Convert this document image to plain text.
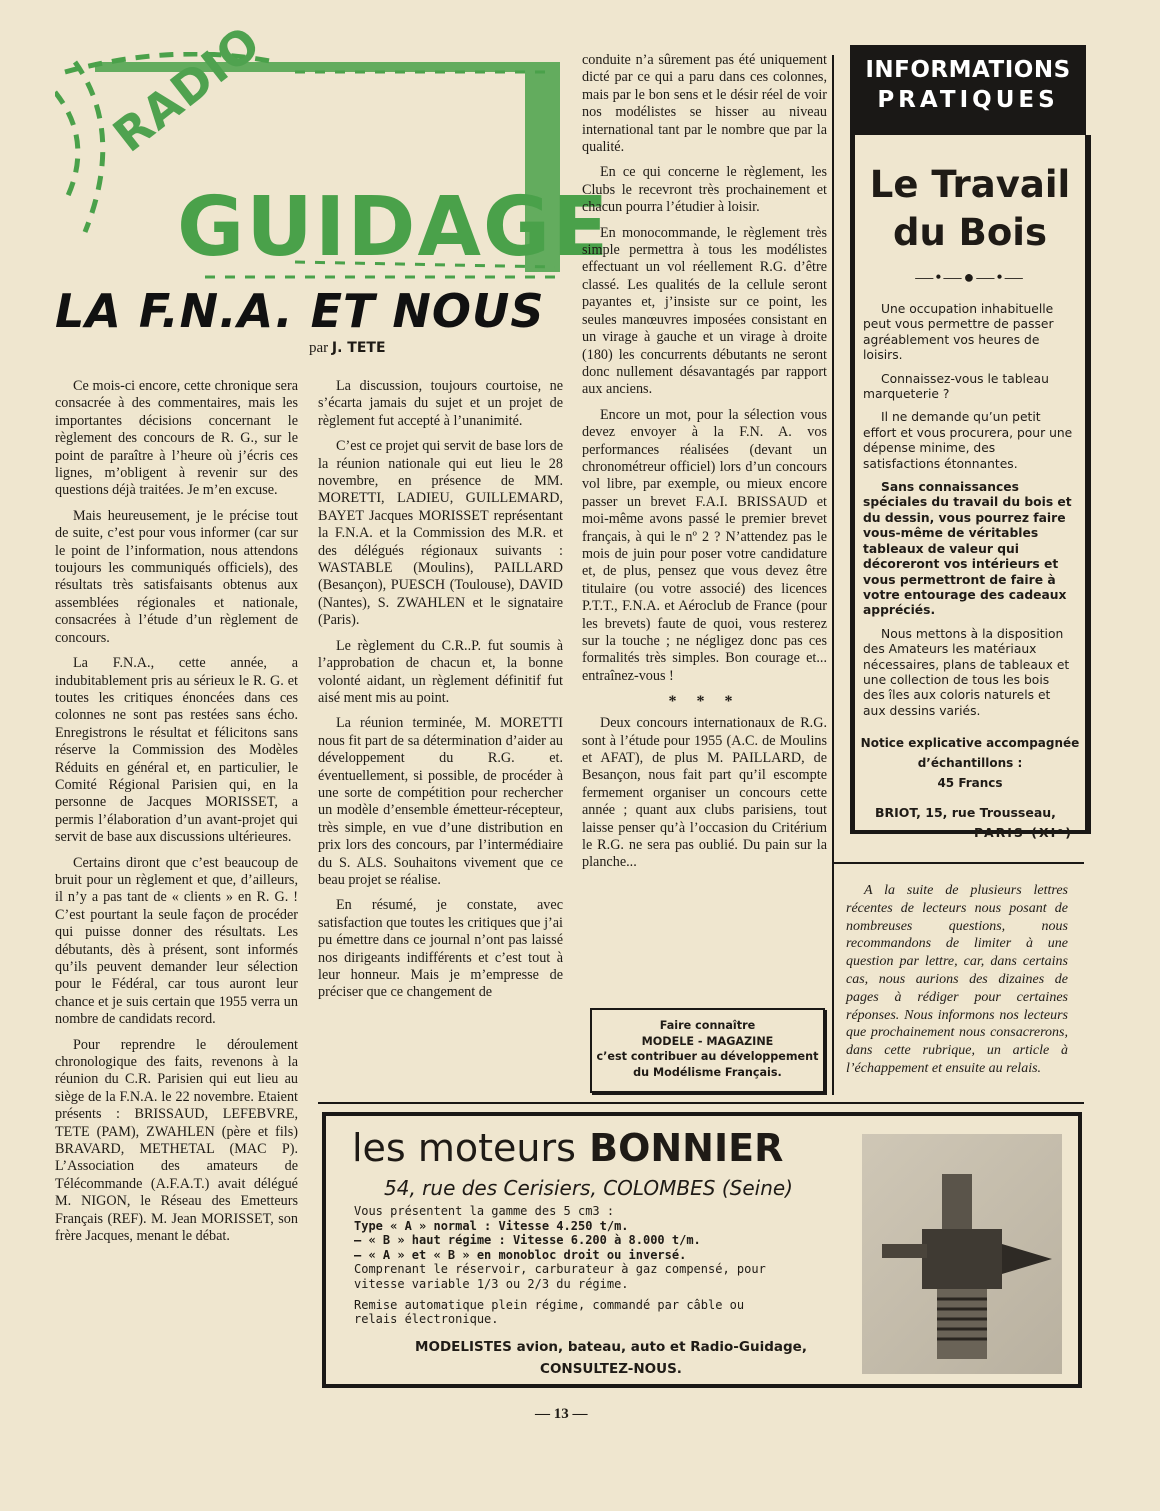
RADIO
GUIDAGE
LA F.N.A. ET NOUS
par J. TETE

Ce mois-ci encore, cette chronique sera consacrée à des commentaires, mais les importantes décisions concernant le règlement des concours de R. G., sur le point de paraître à l’heure où j’écris ces lignes, m’obligent à revenir sur des questions déjà traitées. Je m’en excuse.

Mais heureusement, je le précise tout de suite, c’est pour vous informer (car sur le point de l’information, nous attendons toujours les communiqués officiels), des résultats très satisfaisants obtenus aux assemblées régionales et nationale, consacrées à l’étude d’un règlement de concours.

La F.N.A., cette année, a indubitablement pris au sérieux le R. G. et toutes les critiques énoncées dans ces colonnes ne sont pas restées sans écho. Enregistrons le résultat et félicitons sans réserve la Commission des Modèles Réduits en général et, en particulier, le Comité Régional Parisien qui, en la personne de Jacques MORISSET, a permis l’élaboration d’un avant-projet qui servit de base aux discussions ultérieures.

Certains diront que c’est beaucoup de bruit pour un règlement et que, d’ailleurs, il n’y a pas tant de « clients » en R. G. ! C’est pourtant la seule façon de procéder qui puisse donner des résultats. Les débutants, dès à présent, sont informés qu’ils peuvent demander leur sélection pour le Fédéral, car tous auront leur chance et je suis certain que 1955 verra un nombre de candidats record.

Pour reprendre le déroulement chronologique des faits, revenons à la réunion du C.R. Parisien qui eut lieu au siège de la F.N.A. le 22 novembre. Etaient présents : BRISSAUD, LEFEBVRE, TETE (PAM), ZWAHLEN (père et fils) BRAVARD, METHETAL (MAC P). L’Association des amateurs de Télécommande (A.F.A.T.) avait délégué M. NIGON, le Réseau des Emetteurs Français (REF). M. Jean MORISSET, son frère Jacques, menant le débat.

La discussion, toujours courtoise, ne s’écarta jamais du sujet et un projet de règlement fut accepté à l’unanimité.

C’est ce projet qui servit de base lors de la réunion nationale qui eut lieu le 28 novembre, en présence de MM. MORETTI, LADIEU, GUILLEMARD, BAYET Jacques MORISSET représentant la F.N.A. et la Commission des M.R. et des délégués régionaux suivants : WASTABLE (Moulins), PAILLARD (Besançon), PUESCH (Toulouse), DAVID (Nantes), S. ZWAHLEN et le signataire (Paris).

Le règlement du C.R..P. fut soumis à l’approbation de chacun et, la bonne volonté aidant, un règlement définitif fut aisé ment mis au point.

La réunion terminée, M. MORETTI nous fit part de sa détermination d’aider au développement du R.G. et. éventuellement, si possible, de procéder à une sorte de compétition pour rechercher un modèle d’ensemble émetteur-récepteur, très simple, en vue d’une distribution en prix lors des concours, par l’intermédiaire du S. ALS. Souhaitons vivement que ce beau projet se réalise.

En résumé, je constate, avec satisfaction que toutes les critiques que j’ai pu émettre dans ce journal n’ont pas laissé nos dirigeants indifférents et c’est tout à leur honneur. Mais je m’empresse de préciser que ce changement de

conduite n’a sûrement pas été uniquement dicté par ce qui a paru dans ces colonnes, mais par le bon sens et le désir réel de voir nos modélistes se hisser au niveau international tant par le nombre que par la qualité.

En ce qui concerne le règlement, les Clubs le recevront très prochainement et chacun pourra l’étudier à loisir.

En monocommande, le règlement très simple permettra à tous les modélistes effectuant un vol réellement R.G. d’être classé. Les qualités de la cellule seront payantes et, j’insiste sur ce point, les seules manœuvres imposées consistant en un virage à gauche et un virage à droite (180) les concurrents débutants ne seront donc nullement désavantagés par rapport aux anciens.

Encore un mot, pour la sélection vous devez envoyer à la F.N. A. vos performances réalisées (devant un chronométreur officiel) lors d’un concours vol libre, par exemple, ou mieux encore passer un brevet F.A.I. BRISSAUD et moi-même avons passé le premier brevet français, à qui le nº 2 ? N’attendez pas le mois de juin pour poser votre candidature et, de plus, pensez que vous devez être titulaire (ou votre associé) des licences P.T.T., F.N.A. et Aéroclub de France (pour les brevets) faute de quoi, vous resterez sur la touche ; ne négligez donc pas ces formalités très simples. Bon courage et... entraînez-vous !

* * *

Deux concours internationaux de R.G. sont à l’étude pour 1955 (A.C. de Moulins et AFAT), de plus M. PAILLARD, de Besançon, nous fait part qu’il escompte fermement organiser un concours cette année ; quant aux clubs parisiens, tout laisse penser qu’à l’occasion du Critérium le R.G. ne sera pas oublié. Du pain sur la planche...

Faire connaître
MODELE - MAGAZINE
c’est contribuer au développement du Modélisme Français.
INFORMATIONS
PRATIQUES
Le Travail
du Bois
—•—●—•—

Une occupation inhabituelle peut vous permettre de passer agréablement vos heures de loisirs.

Connaissez-vous le tableau marqueterie ?

Il ne demande qu’un petit effort et vous procurera, pour une dépense minime, des satisfactions étonnantes.

Sans connaissances spéciales du travail du bois et du dessin, vous pourrez faire vous-même de véritables tableaux de valeur qui décoreront vos intérieurs et vous permettront de faire à votre entourage des cadeaux appréciés.

Nous mettons à la disposition des Amateurs les matériaux nécessaires, plans de tableaux et une collection de tous les bois des îles aux coloris naturels et aux dessins variés.

Notice explicative accompagnée
d’échantillons :
45 Francs
BRIOT, 15, rue Trousseau,
PARIS (XIᵉ)
A la suite de plusieurs lettres récentes de lecteurs nous posant de nombreuses questions, nous recommandons de limiter à une question par lettre, car, dans certains cas, nous aurions des dizaines de pages à rédiger pour certaines réponses. Nous informons nos lecteurs que prochainement nous consacrerons, dans cette rubrique, un article à l’échappement et ensuite au relais.
les moteurs BONNIER
54, rue des Cerisiers, COLOMBES (Seine)
Vous présentent la gamme des 5 cm3 :
Type « A » normal : Vitesse 4.250 t/m.
— « B » haut régime : Vitesse 6.200 à 8.000 t/m.
— « A » et « B » en monobloc droit ou inversé.
Comprenant le réservoir, carburateur à gaz compensé, pour
vitesse variable 1/3 ou 2/3 du régime.
Remise automatique plein régime, commandé par câble ou
relais électronique.
MODELISTES avion, bateau, auto et Radio-Guidage,
CONSULTEZ-NOUS.
— 13 —
